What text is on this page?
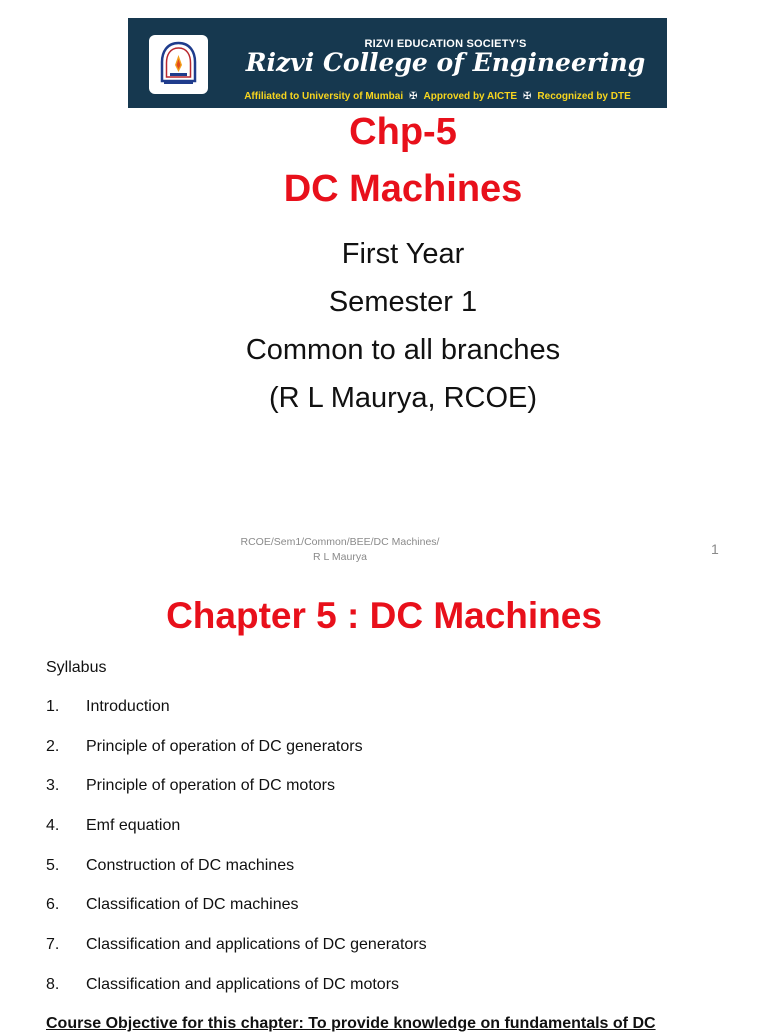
RIZVI EDUCATION SOCIETY'S
Rizvi College of Engineering
Affiliated to University of Mumbai ✠ Approved by AICTE ✠ Recognized by DTE
Chp-5
DC Machines
First Year
Semester 1
Common to all branches
(R L Maurya, RCOE)
RCOE/Sem1/Common/BEE/DC Machines/
R L Maurya	1
Chapter 5 : DC Machines
Syllabus
1.	Introduction
2.	Principle of operation of DC generators
3.	Principle of operation of DC motors
4.	Emf equation
5.	Construction of DC machines
6.	Classification of DC machines
7.	Classification and applications of DC generators
8.	Classification and applications of DC motors
Course Objective for this chapter: To provide knowledge on fundamentals of DC
